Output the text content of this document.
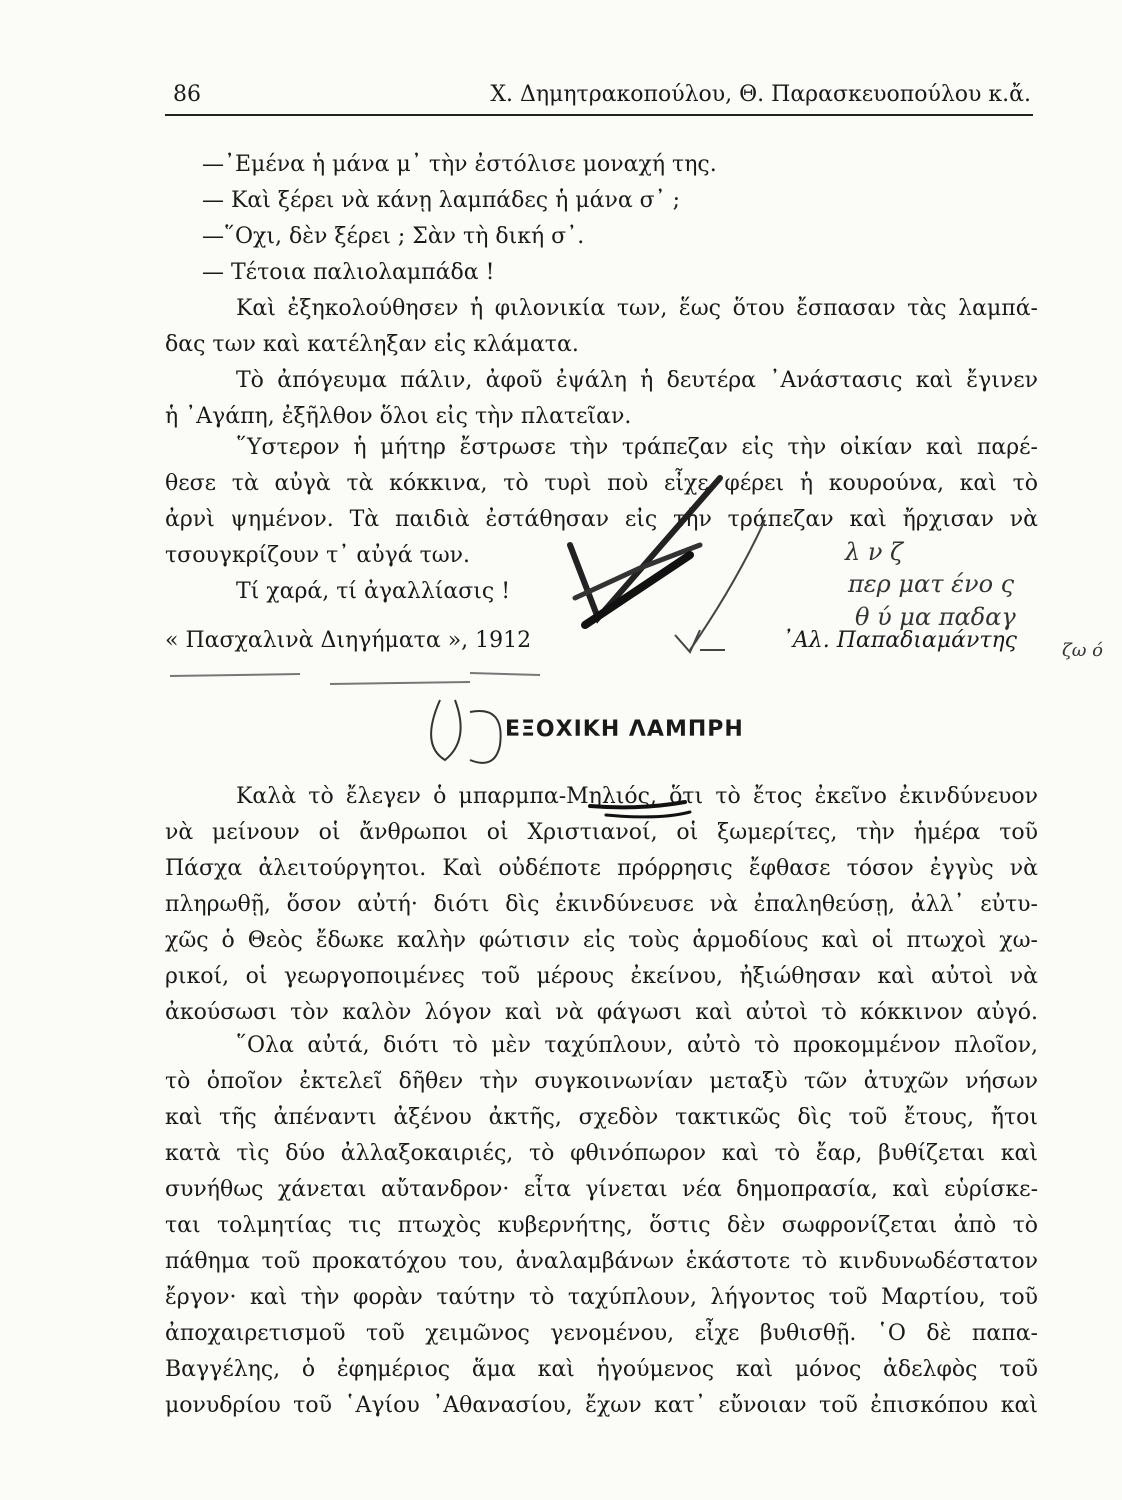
86	Χ. Δημητρακοπούλου, Θ. Παρασκευοπούλου κ.ἄ.
—᾿Εμένα ἡ μάνα μ᾿ τὴν ἐστόλισε μοναχή της.
— Καὶ ξέρει νὰ κάνῃ λαμπάδες ἡ μάνα σ᾿ ;
—῞Οχι, δὲν ξέρει ; Σὰν τὴ δική σ᾿.
— Τέτοια παλιολαμπάδα !
Καὶ ἐξηκολούθησεν ἡ φιλονικία των, ἕως ὅτου ἔσπασαν τὰς λαμπά-
δας των καὶ κατέληξαν εἰς κλάματα.
Τὸ ἀπόγευμα πάλιν, ἀφοῦ ἐψάλη ἡ δευτέρα ᾿Ανάστασις καὶ ἔγινεν
ἡ ᾿Αγάπη, ἐξῆλθον ὅλοι εἰς τὴν πλατεῖαν.
῞Υστερον ἡ μήτηρ ἔστρωσε τὴν τράπεζαν εἰς τὴν οἰκίαν καὶ παρέ-
θεσε τὰ αὐγὰ τὰ κόκκινα, τὸ τυρὶ ποὺ εἶχε φέρει ἡ κουρούνα, καὶ τὸ
ἀρνὶ ψημένον. Τὰ παιδιὰ ἐστάθησαν εἰς τὴν τράπεζαν καὶ ἤρχισαν νὰ
τσουγκρίζουν τ᾿ αὐγά των.
Τί χαρά, τί ἀγαλλίασις !
« Πασχαλινὰ Διηγήματα », 1912	᾿Αλ. Παπαδιαμάντης
ΕΞΟΧΙΚΗ ΛΑΜΠΡΗ
Καλὰ τὸ ἔλεγεν ὁ μπαρμπα-Μηλιός, ὅτι τὸ ἔτος ἐκεῖνο ἐκινδύνευον
νὰ μείνουν οἱ ἄνθρωποι οἱ Χριστιανοί, οἱ ξωμερίτες, τὴν ἡμέρα τοῦ
Πάσχα ἀλειτούργητοι. Καὶ οὐδέποτε πρόρρησις ἔφθασε τόσον ἐγγὺς νὰ
πληρωθῇ, ὅσον αὐτή· διότι δὶς ἐκινδύνευσε νὰ ἐπαληθεύσῃ, ἀλλ᾿ εὐτυ-
χῶς ὁ Θεὸς ἔδωκε καλὴν φώτισιν εἰς τοὺς ἁρμοδίους καὶ οἱ πτωχοὶ χω-
ρικοί, οἱ γεωργοποιμένες τοῦ μέρους ἐκείνου, ἠξιώθησαν καὶ αὐτοὶ νὰ
ἀκούσωσι τὸν καλὸν λόγον καὶ νὰ φάγωσι καὶ αὐτοὶ τὸ κόκκινον αὐγό.
῞Ολα αὐτά, διότι τὸ μὲν ταχύπλουν, αὐτὸ τὸ προκομμένον πλοῖον,
τὸ ὁποῖον ἐκτελεῖ δῆθεν τὴν συγκοινωνίαν μεταξὺ τῶν ἀτυχῶν νήσων
καὶ τῆς ἀπέναντι ἀξένου ἀκτῆς, σχεδὸν τακτικῶς δὶς τοῦ ἔτους, ἤτοι
κατὰ τὶς δύο ἀλλαξοκαιριές, τὸ φθινόπωρον καὶ τὸ ἔαρ, βυθίζεται καὶ
συνήθως χάνεται αὔτανδρον· εἶτα γίνεται νέα δημοπρασία, καὶ εὑρίσκε-
ται τολμητίας τις πτωχὸς κυβερνήτης, ὅστις δὲν σωφρονίζεται ἀπὸ τὸ
πάθημα τοῦ προκατόχου του, ἀναλαμβάνων ἑκάστοτε τὸ κινδυνωδέστατον
ἔργον· καὶ τὴν φορὰν ταύτην τὸ ταχύπλουν, λήγοντος τοῦ Μαρτίου, τοῦ
ἀποχαιρετισμοῦ τοῦ χειμῶνος γενομένου, εἶχε βυθισθῇ. ῾Ο δὲ παπα-
Βαγγέλης, ὁ ἐφημέριος ἅμα καὶ ἡγούμενος καὶ μόνος ἀδελφὸς τοῦ
μονυδρίου τοῦ ῾Αγίου ᾿Αθανασίου, ἔχων κατ᾿ εὔνοιαν τοῦ ἐπισκόπου καὶ
λ ν ζ
περ ματ ένο ς
θ ύ μα παδαγ
ζω ό
